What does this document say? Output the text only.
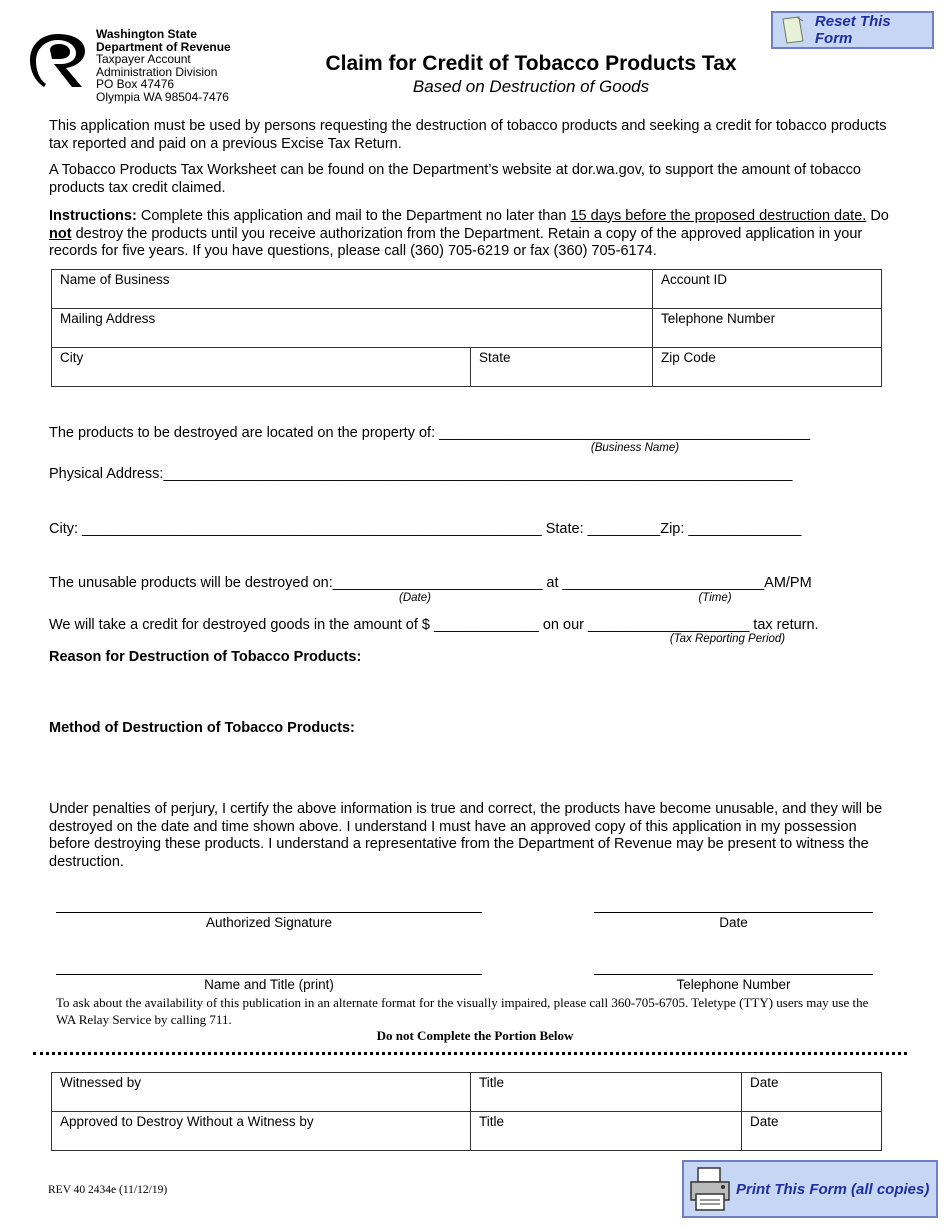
Washington State
Department of Revenue
Taxpayer Account
Administration Division
PO Box 47476
Olympia WA 98504-7476
Claim for Credit of Tobacco Products Tax
Based on Destruction of Goods
Reset This Form
This application must be used by persons requesting the destruction of tobacco products and seeking a credit for tobacco products tax reported and paid on a previous Excise Tax Return.
A Tobacco Products Tax Worksheet can be found on the Department’s website at dor.wa.gov, to support the amount of tobacco products tax credit claimed.
Instructions: Complete this application and mail to the Department no later than 15 days before the proposed destruction date. Do not destroy the products until you receive authorization from the Department. Retain a copy of the approved application in your records for five years. If you have questions, please call (360) 705-6219 or fax (360) 705-6174.
Name of Business		Account ID
Mailing Address		Telephone Number
City	State	Zip Code
The products to be destroyed are located on the property of: ______________________________________________
(Business Name)
Physical Address:______________________________________________________________________________
City: _________________________________________________________ State: _________Zip: ______________
The unusable products will be destroyed on:__________________________ at _________________________AM/PM
(Date)	(Time)
We will take a credit for destroyed goods in the amount of $ _____________ on our ____________________ tax return.
(Tax Reporting Period)
Reason for Destruction of Tobacco Products:
Method of Destruction of Tobacco Products:
Under penalties of perjury, I certify the above information is true and correct, the products have become unusable, and they will be destroyed on the date and time shown above. I understand I must have an approved copy of this application in my possession before destroying these products. I understand a representative from the Department of Revenue may be present to witness the destruction.
Authorized Signature	Date
Name and Title (print)	Telephone Number
To ask about the availability of this publication in an alternate format for the visually impaired, please call 360-705-6705. Teletype (TTY) users may use the WA Relay Service by calling 711.
Do not Complete the Portion Below
Witnessed by	Title	Date
Approved to Destroy Without a Witness by	Title	Date
REV 40 2434e (11/12/19)	Print This Form (all copies)
